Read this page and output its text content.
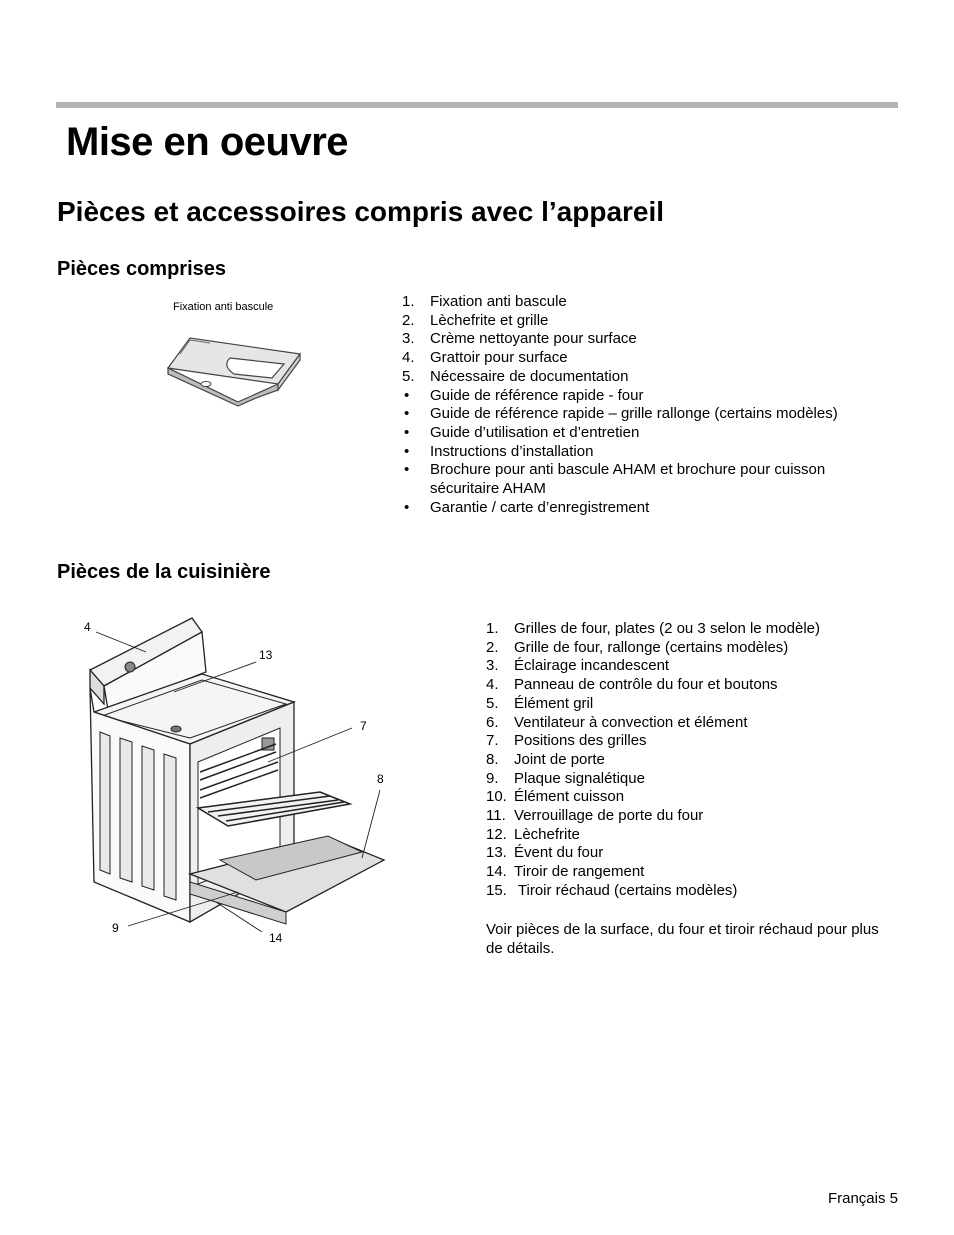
Mise en oeuvre
Pièces et accessoires compris avec l’appareil
Pièces comprises
Fixation anti bascule	1.	Fixation anti bascule
2.	Lèchefrite et grille
3.	Crème nettoyante pour surface
4.	Grattoir pour surface
5.	Nécessaire de documentation
•	Guide de référence rapide - four
•	Guide de référence rapide – grille rallonge (certains modèles)
•	Guide d’utilisation et d’entretien
•	Instructions d’installation
•	Brochure pour anti bascule AHAM et brochure pour cuisson sécuritaire AHAM
•	Garantie / carte d’enregistrement
Pièces de la cuisinière
4
13
7
8
9
14
1.	Grilles de four, plates (2 ou 3 selon le modèle)
2.	Grille de four, rallonge (certains modèles)
3.	Éclairage incandescent
4.	Panneau de contrôle du four et boutons
5.	Élément gril
6.	Ventilateur à convection et élément
7.	Positions des grilles
8.	Joint de porte
9.	Plaque signalétique
10. Élément cuisson
11. Verrouillage de porte du four
12. Lèchefrite
13. Évent du four
14. Tiroir de rangement
15. Tiroir réchaud (certains modèles)

Voir pièces de la surface, du four et tiroir réchaud pour plus de détails.

Français 5
